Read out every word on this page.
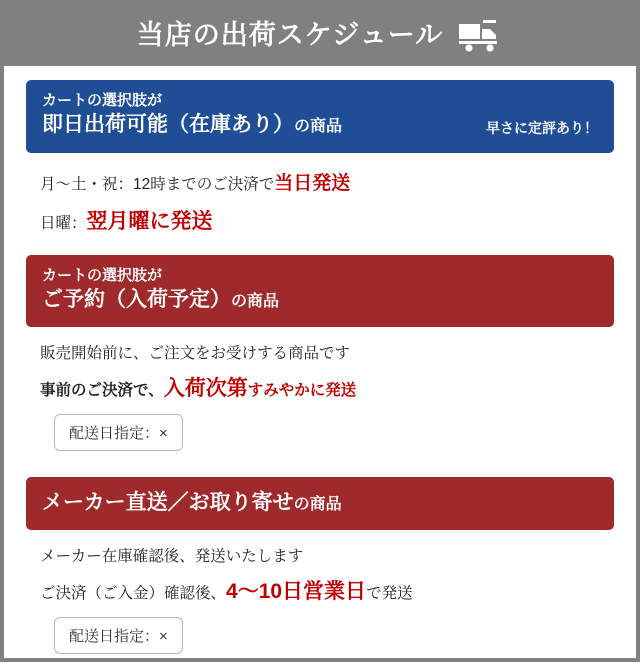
当店の出荷スケジュール
カートの選択肢が
即日出荷可能（在庫あり）の商品	早さに定評あり！
月〜土・祝：12時までのご決済で当日発送
日曜：翌月曜に発送
カートの選択肢が
ご予約（入荷予定）の商品
販売開始前に、ご注文をお受けする商品です
事前のご決済で、入荷次第すみやかに発送
配送日指定：×
メーカー直送／お取り寄せの商品
メーカー在庫確認後、発送いたします
ご決済（ご入金）確認後、4〜10日営業日で発送
配送日指定：×
